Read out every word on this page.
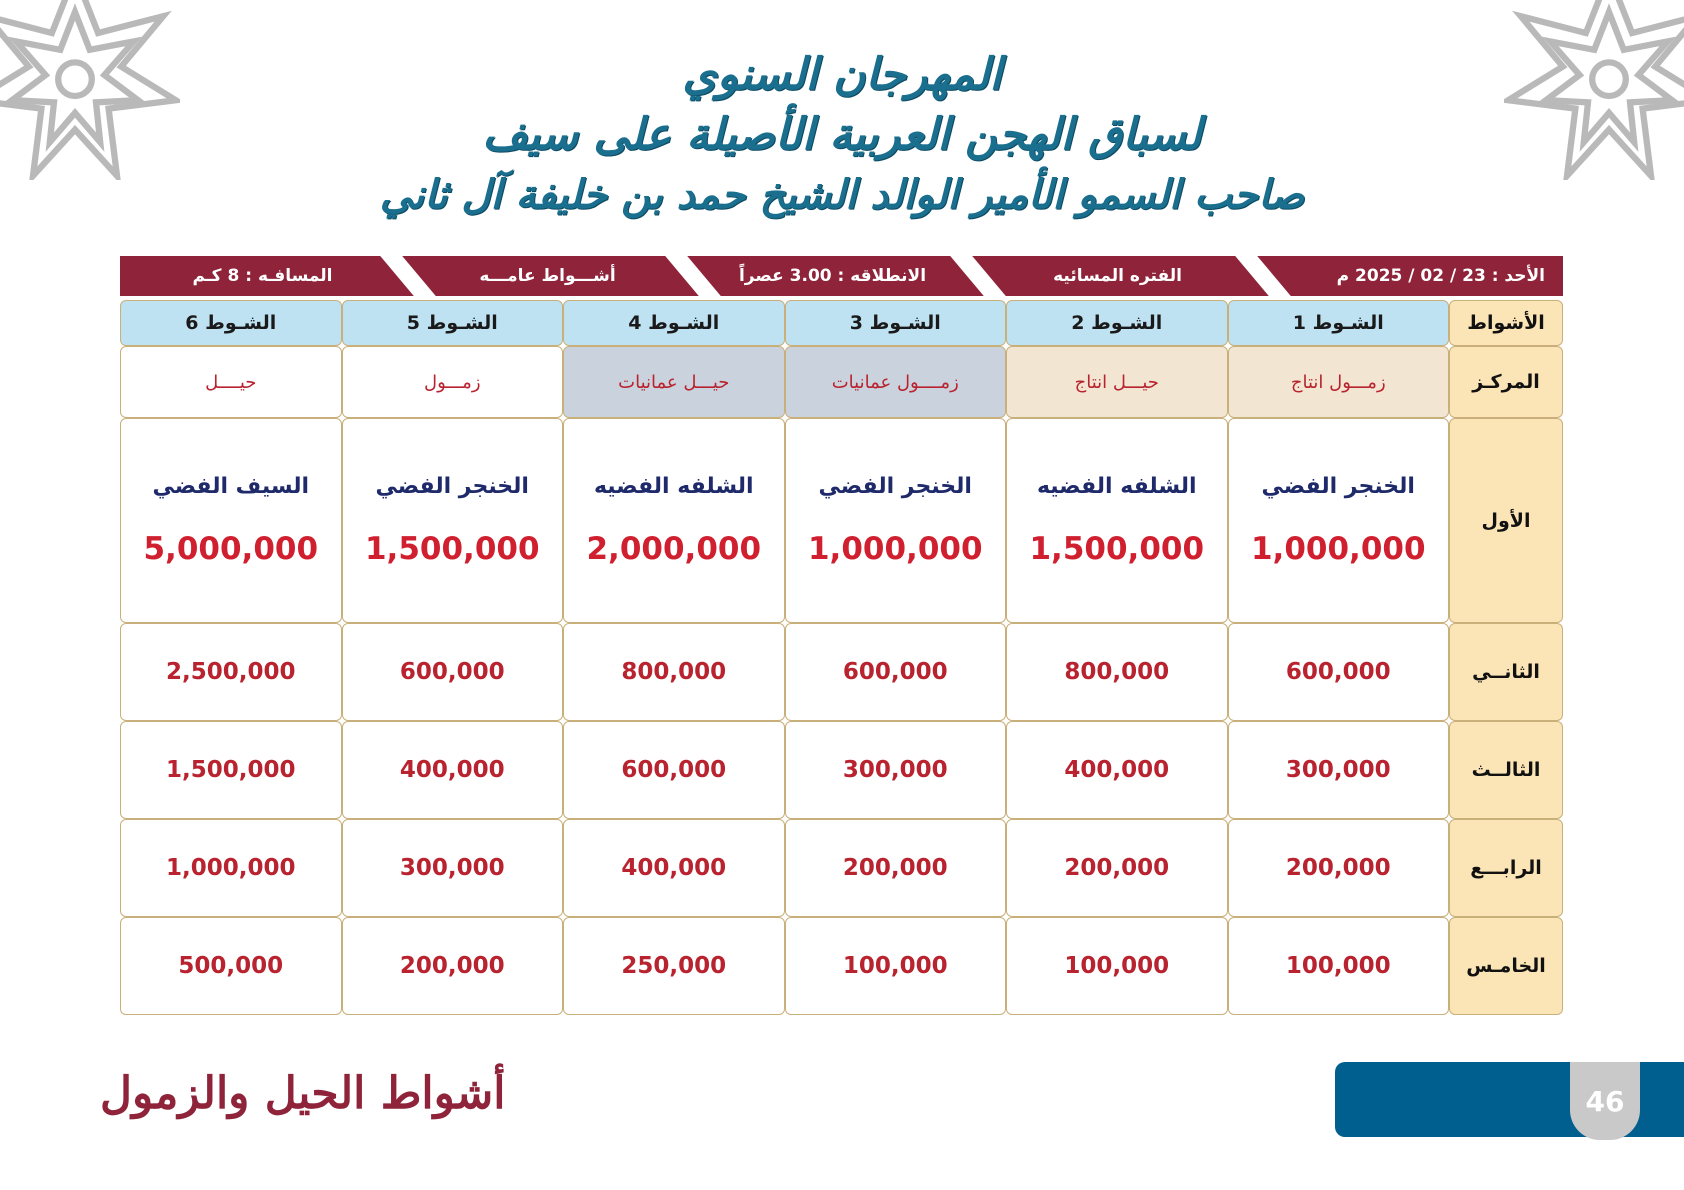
المهرجان السنوي
لسباق الهجن العربية الأصيلة على سيف
صاحب السمو الأمير الوالد الشيخ حمد بن خليفة آل ثاني
الأحد : 23 / 02 / 2025 م
الفتره المسائيه
الانطلاقه : 3.00 عصراً
أشـــواط عامـــه
المسافـه : 8 كـم
الأشواط
الشـوط 1
الشـوط 2
الشـوط 3
الشـوط 4
الشـوط 5
الشـوط 6
المركـز
زمـــول انتاج
حيـــل انتاج
زمــــول عمانيات
حيـــل عمانيات
زمـــول
حيــــل
الأول
الخنجر الفضي
1,000,000
الشلفه الفضيه
1,500,000
الخنجر الفضي
1,000,000
الشلفه الفضيه
2,000,000
الخنجر الفضي
1,500,000
السيف الفضي
5,000,000
الثانــي
600,000
800,000
600,000
800,000
600,000
2,500,000
الثالــث
300,000
400,000
300,000
600,000
400,000
1,500,000
الرابـــع
200,000
200,000
200,000
400,000
300,000
1,000,000
الخامـس
100,000
100,000
100,000
250,000
200,000
500,000
أشواط الحيل والزمول	46
